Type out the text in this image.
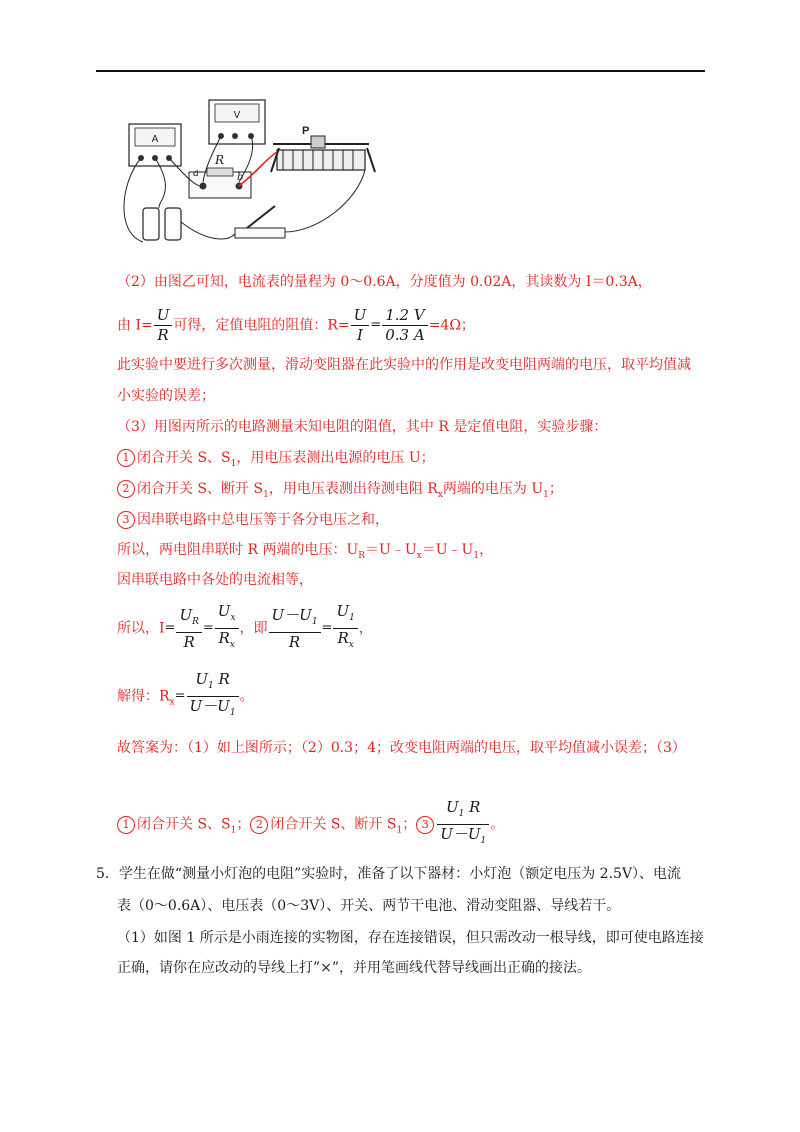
A
V
R
a	b
P
（2）由图乙可知，电流表的量程为 0～0.6A，分度值为 0.02A，其读数为 I＝0.3A，
由 $I= \frac{U}{R}$ 可得，定值电阻的阻值：$R= \frac{U}{I} = \frac{1.2 V}{0.3 A} =4\Omega$；
此实验中要进行多次测量，滑动变阻器在此实验中的作用是改变电阻两端的电压，取平均值减
小实验的误差；
（3）用图丙所示的电路测量未知电阻的阻值，其中 R 是定值电阻，实验步骤：
1 闭合开关 S、$S_1$，用电压表测出电源的电压 U；
2 闭合开关 S、断开 $S_1$，用电压表测出待测电阻 $R_x$两端的电压为 $U_1$；
3 因串联电路中总电压等于各分电压之和，
所以，两电阻串联时 R 两端的电压：$U_R=U﹣U_x=U﹣U_1$，
因串联电路中各处的电流相等，
所以，$I= \frac{U_R}{R} = \frac{U_x}{R_x}$ ，即 $\frac{U-U_1}{R} = \frac{U_1}{R_x}$ ，
解得：$R_x= \frac{U_1 R}{U-U_1}$ 。
故答案为：（1）如上图所示；（2）0.3；4；改变电阻两端的电压，取平均值减小误差；（3）
1 闭合开关 S、$S_1$； 2 闭合开关 S、断开 $S_1$； $3 \frac{U_1 R}{U-U_1}$ 。
5．学生在做“测量小灯泡的电阻”实验时，准备了以下器材：小灯泡（额定电压为 2.5V）、电流
表（0～0.6A）、电压表（0～3V）、开关、两节干电池、滑动变阻器、导线若干。
（1）如图 1 所示是小雨连接的实物图，存在连接错误，但只需改动一根导线，即可使电路连接
正确，请你在应改动的导线上打”×”，并用笔画线代替导线画出正确的接法。
